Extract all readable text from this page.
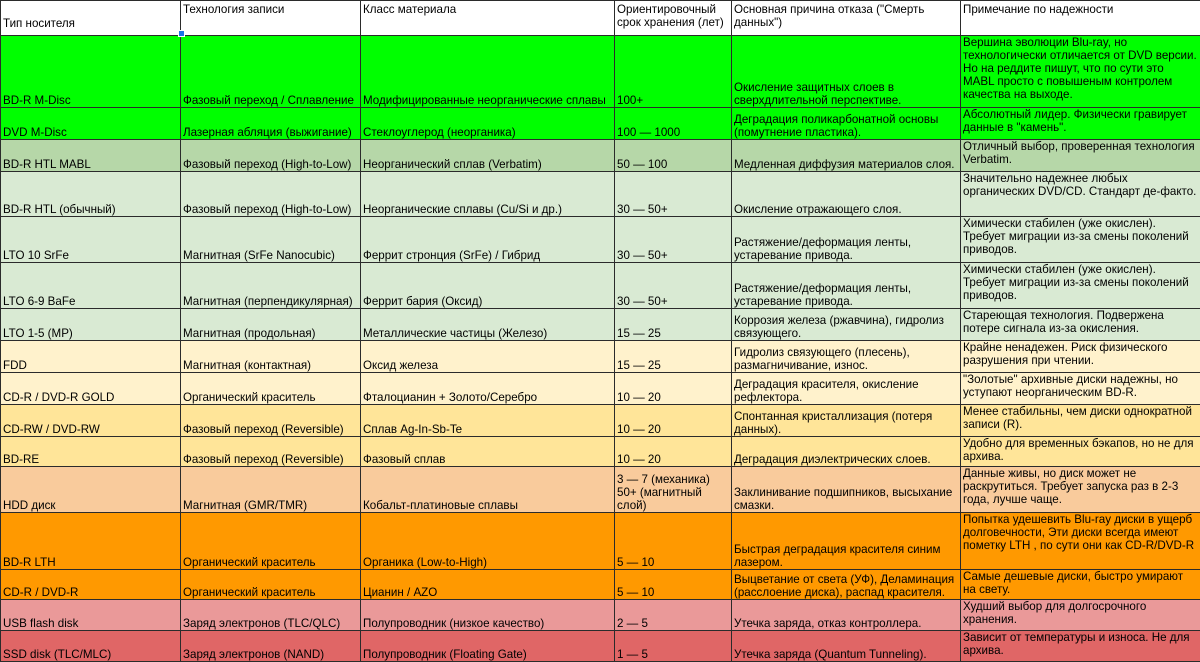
Тип носителя	Технология записи	Класс материала	Ориентировочный срок хранения (лет)	Основная причина отказа ("Смерть данных")	Примечание по надежности
BD-R M-Disc	Фазовый переход / Сплавление	Модифицированные неорганические сплавы	100+	Окисление защитных слоев в сверхдлительной перспективе.	Вершина эволюции Blu-ray, но технологически отличается от DVD версии. Но на реддите пишут, что по сути это MABL просто с повышеным контролем качества на выходе.
DVD M-Disc	Лазерная абляция (выжигание)	Стеклоуглерод (неорганика)	100 — 1000	Деградация поликарбонатной основы (помутнение пластика).	Абсолютный лидер. Физически гравирует данные в "камень".
BD-R HTL MABL	Фазовый переход (High-to-Low)	Неорганический сплав (Verbatim)	50 — 100	Медленная диффузия материалов слоя.	Отличный выбор, проверенная технология Verbatim.
BD-R HTL (обычный)	Фазовый переход (High-to-Low)	Неорганические сплавы (Cu/Si и др.)	30 — 50+	Окисление отражающего слоя.	Значительно надежнее любых органических DVD/CD. Стандарт де-факто.
LTO 10 SrFe	Магнитная (SrFe Nanocubic)	Феррит стронция (SrFe) / Гибрид	30 — 50+	Растяжение/деформация ленты, устаревание привода.	Химически стабилен (уже окислен). Требует миграции из-за смены поколений приводов.
LTO 6-9 BaFe	Магнитная (перпендикулярная)	Феррит бария (Оксид)	30 — 50+	Растяжение/деформация ленты, устаревание привода.	Химически стабилен (уже окислен). Требует миграции из-за смены поколений приводов.
LTO 1-5 (MP)	Магнитная (продольная)	Металлические частицы (Железо)	15 — 25	Коррозия железа (ржавчина), гидролиз связующего.	Стареющая технология. Подвержена потере сигнала из-за окисления.
FDD	Магнитная (контактная)	Оксид железа	15 — 25	Гидролиз связующего (плесень), размагничивание, износ.	Крайне ненадежен. Риск физического разрушения при чтении.
CD-R / DVD-R GOLD	Органический краситель	Фталоцианин + Золото/Серебро	10 — 20	Деградация красителя, окисление рефлектора.	"Золотые" архивные диски надежны, но уступают неорганическим BD-R.
CD-RW / DVD-RW	Фазовый переход (Reversible)	Сплав Ag-In-Sb-Te	10 — 20	Спонтанная кристаллизация (потеря данных).	Менее стабильны, чем диски однократной записи (R).
BD-RE	Фазовый переход (Reversible)	Фазовый сплав	10 — 20	Деградация диэлектрических слоев.	Удобно для временных бэкапов, но не для архива.
HDD диск	Магнитная (GMR/TMR)	Кобальт-платиновые сплавы	3 — 7 (механика) 50+ (магнитный слой)	Заклинивание подшипников, высыхание смазки.	Данные живы, но диск может не раскрутиться. Требует запуска раз в 2-3 года, лучше чаще.
BD-R LTH	Органический краситель	Органика (Low-to-High)	5 — 10	Быстрая деградация красителя синим лазером.	Попытка удешевить Blu-ray диски в ущерб долговечности, Эти диски всегда имеют пометку LTH , по сути они как CD-R/DVD-R
CD-R / DVD-R	Органический краситель	Цианин / AZO	5 — 10	Выцветание от света (УФ), Деламинация (расслоение диска), распад красителя.	Самые дешевые диски, быстро умирают на свету.
USB flash disk	Заряд электронов (TLC/QLC)	Полупроводник (низкое качество)	2 — 5	Утечка заряда, отказ контроллера.	Худший выбор для долгосрочного хранения.
SSD disk (TLC/MLC)	Заряд электронов (NAND)	Полупроводник (Floating Gate)	1 — 5	Утечка заряда (Quantum Tunneling).	Зависит от температуры и износа. Не для архива.
